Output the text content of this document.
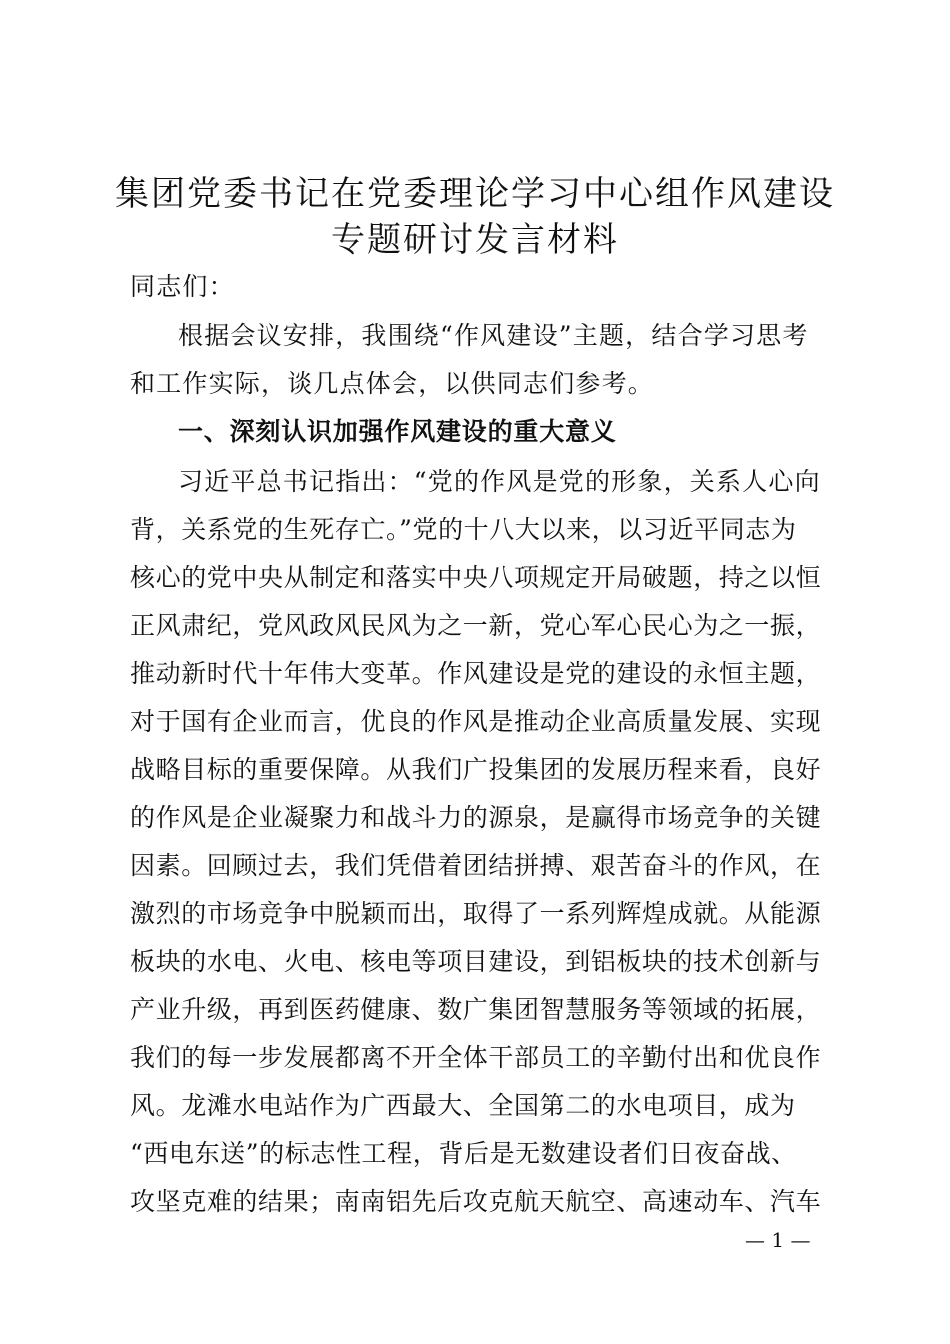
集团党委书记在党委理论学习中心组作风建设
专题研讨发言材料

同志们：

根据会议安排，我围绕“作风建设”主题，结合学习思考

和工作实际，谈几点体会，以供同志们参考。

一、深刻认识加强作风建设的重大意义

习近平总书记指出：“党的作风是党的形象，关系人心向

背，关系党的生死存亡。”党的十八大以来，以习近平同志为

核心的党中央从制定和落实中央八项规定开局破题，持之以恒

正风肃纪，党风政风民风为之一新，党心军心民心为之一振，

推动新时代十年伟大变革。作风建设是党的建设的永恒主题，

对于国有企业而言，优良的作风是推动企业高质量发展、实现

战略目标的重要保障。从我们广投集团的发展历程来看，良好

的作风是企业凝聚力和战斗力的源泉，是赢得市场竞争的关键

因素。回顾过去，我们凭借着团结拼搏、艰苦奋斗的作风，在

激烈的市场竞争中脱颖而出，取得了一系列辉煌成就。从能源

板块的水电、火电、核电等项目建设，到铝板块的技术创新与

产业升级，再到医药健康、数广集团智慧服务等领域的拓展，

我们的每一步发展都离不开全体干部员工的辛勤付出和优良作

风。龙滩水电站作为广西最大、全国第二的水电项目，成为

“西电东送”的标志性工程，背后是无数建设者们日夜奋战、

攻坚克难的结果；南南铝先后攻克航天航空、高速动车、汽车

— 1 —
